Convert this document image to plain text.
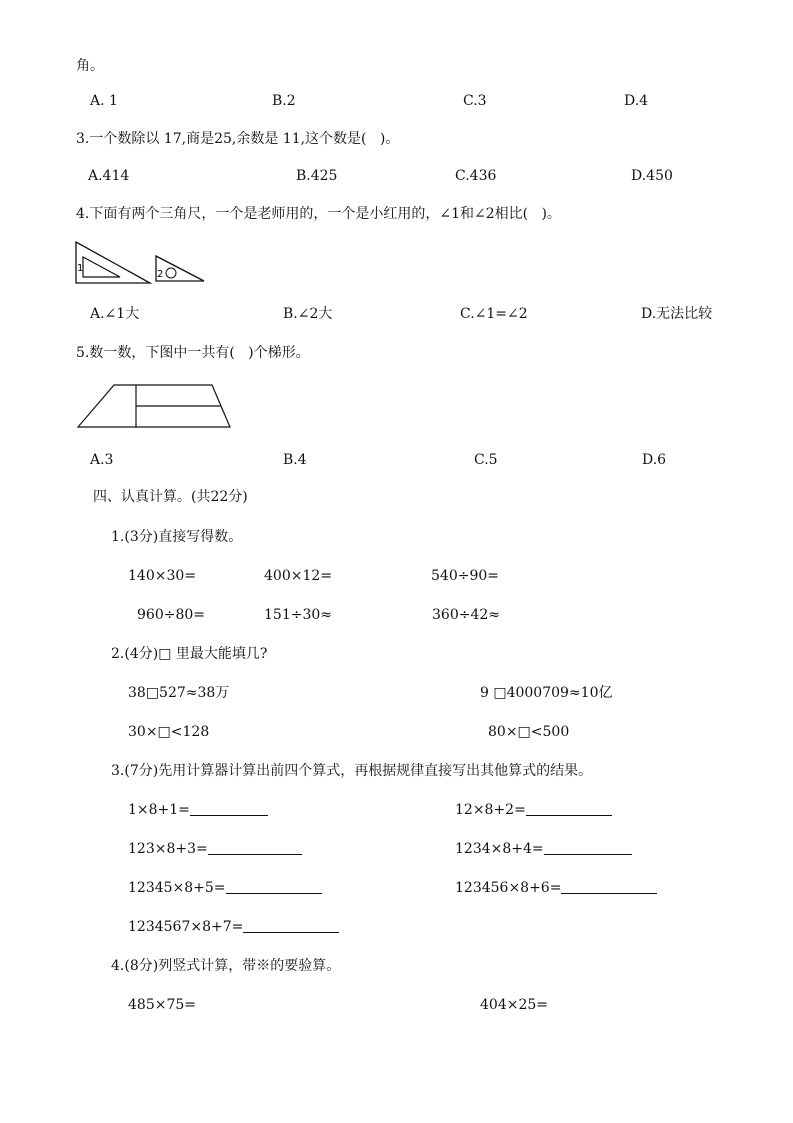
角。
A. 1	B.2	C.3	D.4
3.一个数除以 17,商是25,余数是 11,这个数是(   )。
A.414	B.425	C.436	D.450
4.下面有两个三角尺，一个是老师用的，一个是小红用的，∠1和∠2相比(   )。
1
2
A.∠1大	B.∠2大	C.∠1=∠2	D.无法比较
5.数一数，下图中一共有(   )个梯形。
A.3	B.4	C.5	D.6
四、认真计算。(共22分)
1.(3分)直接写得数。
140×30=	400×12=	540÷90=
960÷80=	151÷30≈	360÷42≈
2.(4分)□ 里最大能填几?
38□527≈38万	9 □4000709≈10亿
30×□<128	80×□<500
3.(7分)先用计算器计算出前四个算式，再根据规律直接写出其他算式的结果。
1×8+1=	12×8+2=
123×8+3=	1234×8+4=
12345×8+5=	123456×8+6=
1234567×8+7=
4.(8分)列竖式计算，带※的要验算。
485×75=	404×25=
